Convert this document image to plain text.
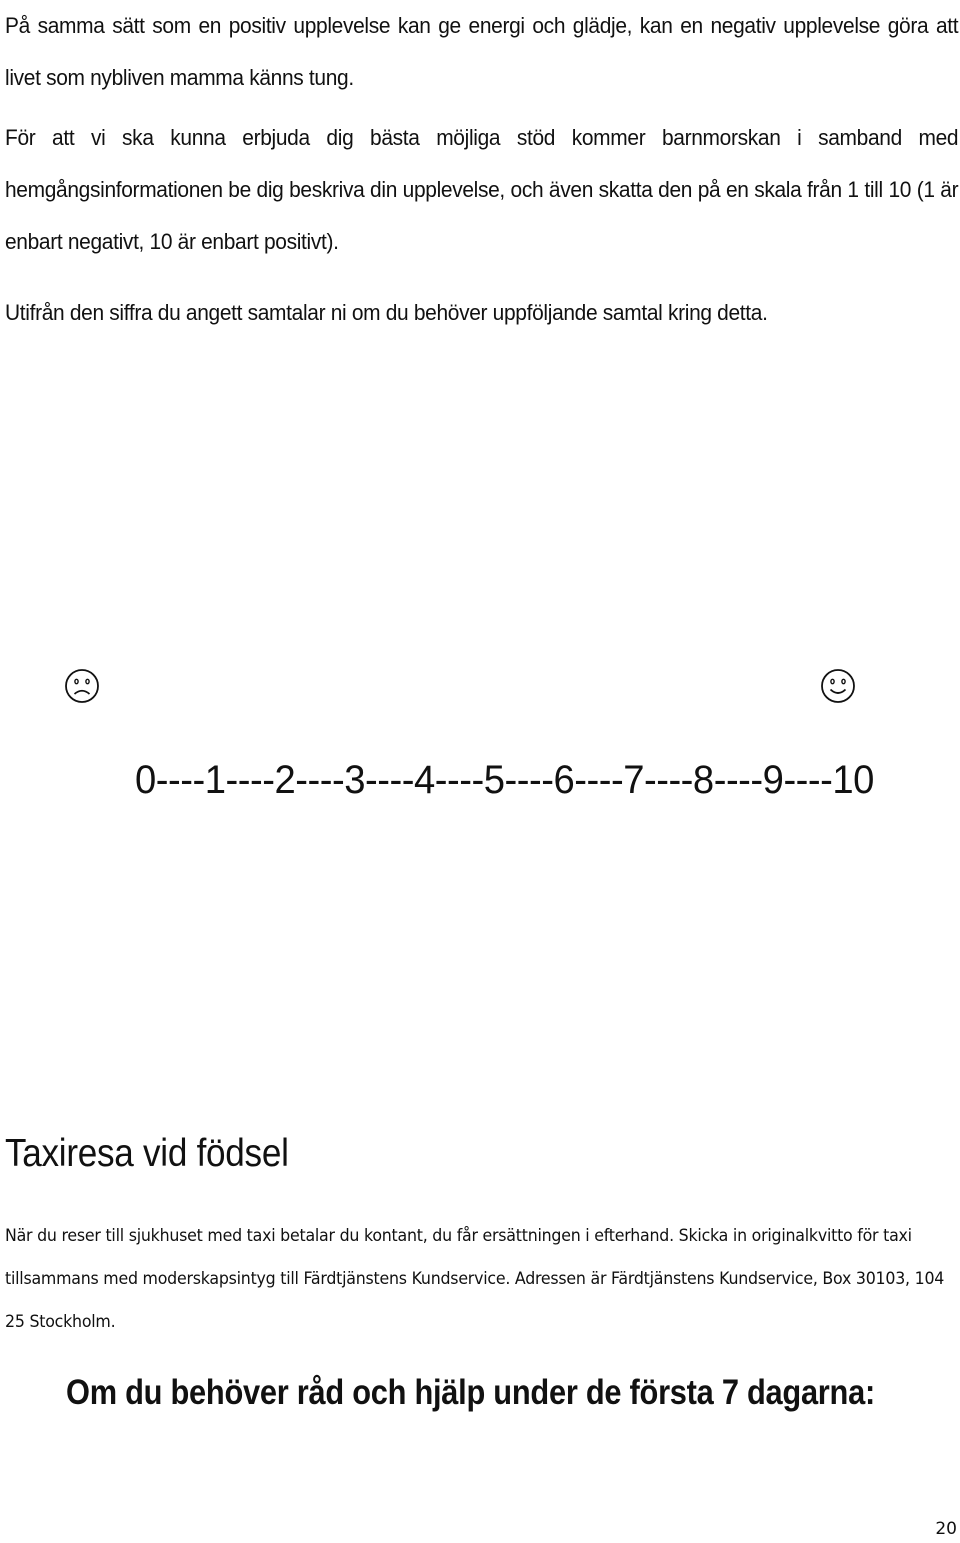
På samma sätt som en positiv upplevelse kan ge energi och glädje, kan en negativ upplevelse göra att livet som nybliven mamma känns tung.

För att vi ska kunna erbjuda dig bästa möjliga stöd kommer barnmorskan i samband med hemgångsinformationen be dig beskriva din upplevelse, och även skatta den på en skala från 1 till 10 (1 är enbart negativt, 10 är enbart positivt).

Utifrån den siffra du angett samtalar ni om du behöver uppföljande samtal kring detta.

0----1----2----3----4----5----6----7----8----9----10
Taxiresa vid födsel

När du reser till sjukhuset med taxi betalar du kontant, du får ersättningen i efterhand. Skicka in originalkvitto för taxi tillsammans med moderskapsintyg till Färdtjänstens Kundservice. Adressen är Färdtjänstens Kundservice, Box 30103, 104 25 Stockholm.

Om du behöver råd och hjälp under de första 7 dagarna:
20
